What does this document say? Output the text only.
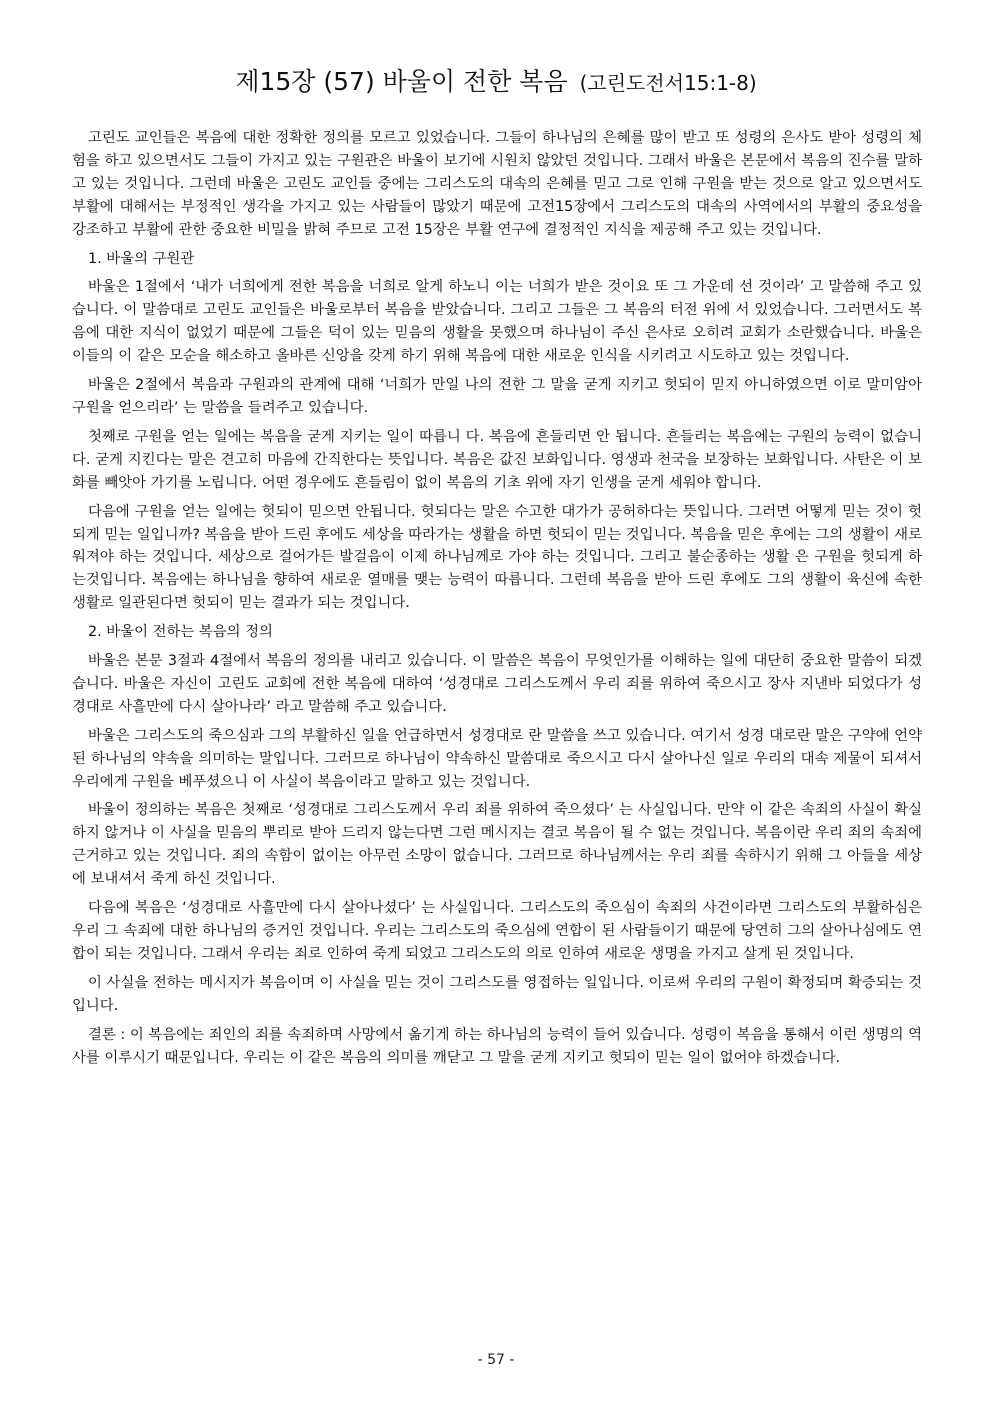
제15장 (57) 바울이 전한 복음 (고린도전서15:1-8)

고린도 교인들은 복음에 대한 정확한 정의를 모르고 있었습니다. 그들이 하나님의 은혜를 많이 받고 또 성령의 은사도 받아 성령의 체험을 하고 있으면서도 그들이 가지고 있는 구원관은 바울이 보기에 시원치 않았던 것입니다. 그래서 바울은 본문에서 복음의 진수를 말하고 있는 것입니다. 그런데 바울은 고린도 교인들 중에는 그리스도의 대속의 은혜를 믿고 그로 인해 구원을 받는 것으로 알고 있으면서도 부활에 대해서는 부정적인 생각을 가지고 있는 사람들이 많았기 때문에 고전15장에서 그리스도의 대속의 사역에서의 부활의 중요성을 강조하고 부활에 관한 중요한 비밀을 밝혀 주므로 고전 15장은 부활 연구에 결정적인 지식을 제공해 주고 있는 것입니다.

1. 바울의 구원관

바울은 1절에서 ‘내가 너희에게 전한 복음을 너희로 알게 하노니 이는 너희가 받은 것이요 또 그 가운데 선 것이라’ 고 말씀해 주고 있습니다. 이 말씀대로 고린도 교인들은 바울로부터 복음을 받았습니다. 그리고 그들은 그 복음의 터전 위에 서 있었습니다. 그러면서도 복음에 대한 지식이 없었기 때문에 그들은 덕이 있는 믿음의 생활을 못했으며 하나님이 주신 은사로 오히려 교회가 소란했습니다. 바울은 이들의 이 같은 모순을 해소하고 올바른 신앙을 갖게 하기 위해 복음에 대한 새로운 인식을 시키려고 시도하고 있는 것입니다.

바울은 2절에서 복음과 구원과의 관계에 대해 ‘너희가 만일 나의 전한 그 말을 굳게 지키고 헛되이 믿지 아니하였으면 이로 말미암아 구원을 얻으리라’ 는 말씀을 들려주고 있습니다.

첫째로 구원을 얻는 일에는 복음을 굳게 지키는 일이 따릅니 다. 복음에 흔들리면 안 됩니다. 흔들리는 복음에는 구원의 능력이 없습니다. 굳게 지킨다는 말은 견고히 마음에 간직한다는 뜻입니다. 복음은 값진 보화입니다. 영생과 천국을 보장하는 보화입니다. 사탄은 이 보화를 빼앗아 가기를 노립니다. 어떤 경우에도 흔들림이 없이 복음의 기초 위에 자기 인생을 굳게 세워야 합니다.

다음에 구원을 얻는 일에는 헛되이 믿으면 안됩니다. 헛되다는 말은 수고한 대가가 공허하다는 뜻입니다. 그러면 어떻게 믿는 것이 헛되게 믿는 일입니까? 복음을 받아 드린 후에도 세상을 따라가는 생활을 하면 헛되이 믿는 것입니다. 복음을 믿은 후에는 그의 생활이 새로워져야 하는 것입니다. 세상으로 걸어가든 발걸음이 이제 하나님께로 가야 하는 것입니다. 그리고 불순종하는 생활 은 구원을 헛되게 하는것입니다. 복음에는 하나님을 향하여 새로운 열매를 맺는 능력이 따릅니다. 그런데 복음을 받아 드린 후에도 그의 생활이 육신에 속한 생활로 일관된다면 헛되이 믿는 결과가 되는 것입니다.

2. 바울이 전하는 복음의 정의

바울은 본문 3절과 4절에서 복음의 정의를 내리고 있습니다. 이 말씀은 복음이 무엇인가를 이해하는 일에 대단히 중요한 말씀이 되겠습니다. 바울은 자신이 고린도 교회에 전한 복음에 대하여 ‘성경대로 그리스도께서 우리 죄를 위하여 죽으시고 장사 지낸바 되었다가 성경대로 사흘만에 다시 살아나라’ 라고 말씀해 주고 있습니다.

바울은 그리스도의 죽으심과 그의 부활하신 일을 언급하면서 성경대로 란 말씀을 쓰고 있습니다. 여기서 성경 대로란 말은 구약에 언약된 하나님의 약속을 의미하는 말입니다. 그러므로 하나님이 약속하신 말씀대로 죽으시고 다시 살아나신 일로 우리의 대속 제물이 되셔서 우리에게 구원을 베푸셨으니 이 사실이 복음이라고 말하고 있는 것입니다.

바울이 정의하는 복음은 첫째로 ‘성경대로 그리스도께서 우리 죄를 위하여 죽으셨다’ 는 사실입니다. 만약 이 같은 속죄의 사실이 확실하지 않거나 이 사실을 믿음의 뿌리로 받아 드리지 않는다면 그런 메시지는 결코 복음이 될 수 없는 것입니다. 복음이란 우리 죄의 속죄에 근거하고 있는 것입니다. 죄의 속함이 없이는 아무런 소망이 없습니다. 그러므로 하나님께서는 우리 죄를 속하시기 위해 그 아들을 세상에 보내셔서 죽게 하신 것입니다.

다음에 복음은 ‘성경대로 사흘만에 다시 살아나셨다’ 는 사실입니다. 그리스도의 죽으심이 속죄의 사건이라면 그리스도의 부활하심은 우리 그 속죄에 대한 하나님의 증거인 것입니다. 우리는 그리스도의 죽으심에 연합이 된 사람들이기 때문에 당연히 그의 살아나심에도 연합이 되는 것입니다. 그래서 우리는 죄로 인하여 죽게 되었고 그리스도의 의로 인하여 새로운 생명을 가지고 살게 된 것입니다.

이 사실을 전하는 메시지가 복음이며 이 사실을 믿는 것이 그리스도를 영접하는 일입니다. 이로써 우리의 구원이 확정되며 확증되는 것입니다.

결론 : 이 복음에는 죄인의 죄를 속죄하며 사망에서 옮기게 하는 하나님의 능력이 들어 있습니다. 성령이 복음을 통해서 이런 생명의 역사를 이루시기 때문입니다. 우리는 이 같은 복음의 의미를 깨닫고 그 말을 굳게 지키고 헛되이 믿는 일이 없어야 하겠습니다.

- 57 -
